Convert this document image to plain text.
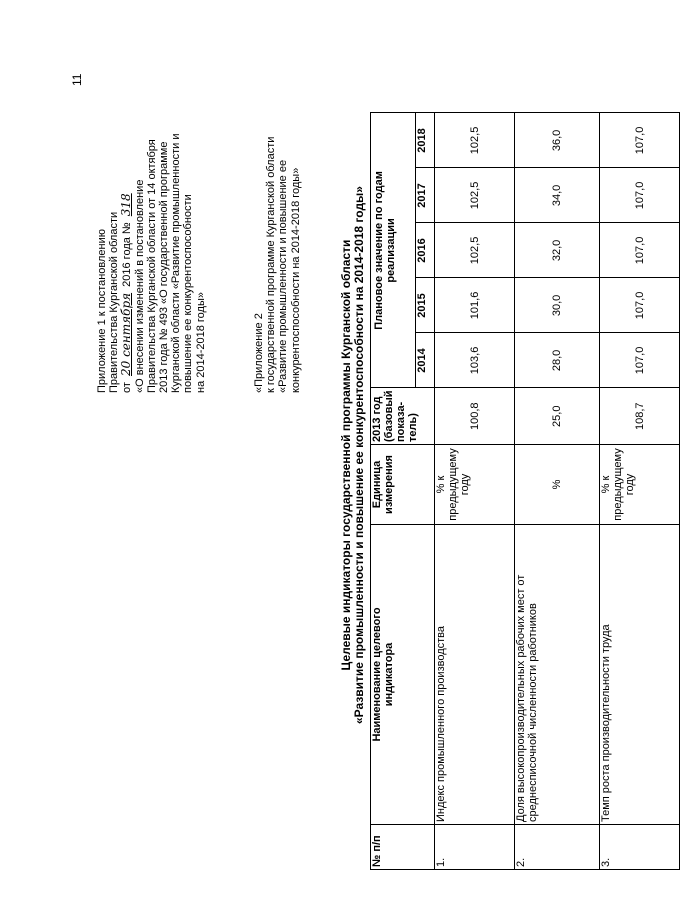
11
Приложение 1 к постановлению Правительства Курганской области от 20 сентября 2016 года № 318 «О внесении изменений в постановление Правительства Курганской области от 14 октября 2013 года № 493 «О государственной программе Курганской области «Развитие промышленности и повышение ее конкурентоспособности на 2014-2018 годы»	«Приложение 2 к государственной программе Курганской области «Развитие промышленности и повышение ее конкурентоспособности на 2014-2018 годы»	Целевые индикаторы государственной программы Курганской области «Развитие промышленности и повышение ее конкурентоспособности на 2014-2018 годы»
№ п/п	Наименование целевого индикатора	Единица измерения	2013 год (базовый показа-тель)	Плановое значение по годам реализации				
				2014	2015	2016	2017	2018
1.	Индекс промышленного производства	% к предыдущему году	100,8	103,6	101,6	102,5	102,5	102,5
2.	Доля высокопроизводительных рабочих мест от среднесписочной численности работников	%	25,0	28,0	30,0	32,0	34,0	36,0
3.	Темп роста производительности труда	% к предыдущему году	108,7	107,0	107,0	107,0	107,0	107,0
